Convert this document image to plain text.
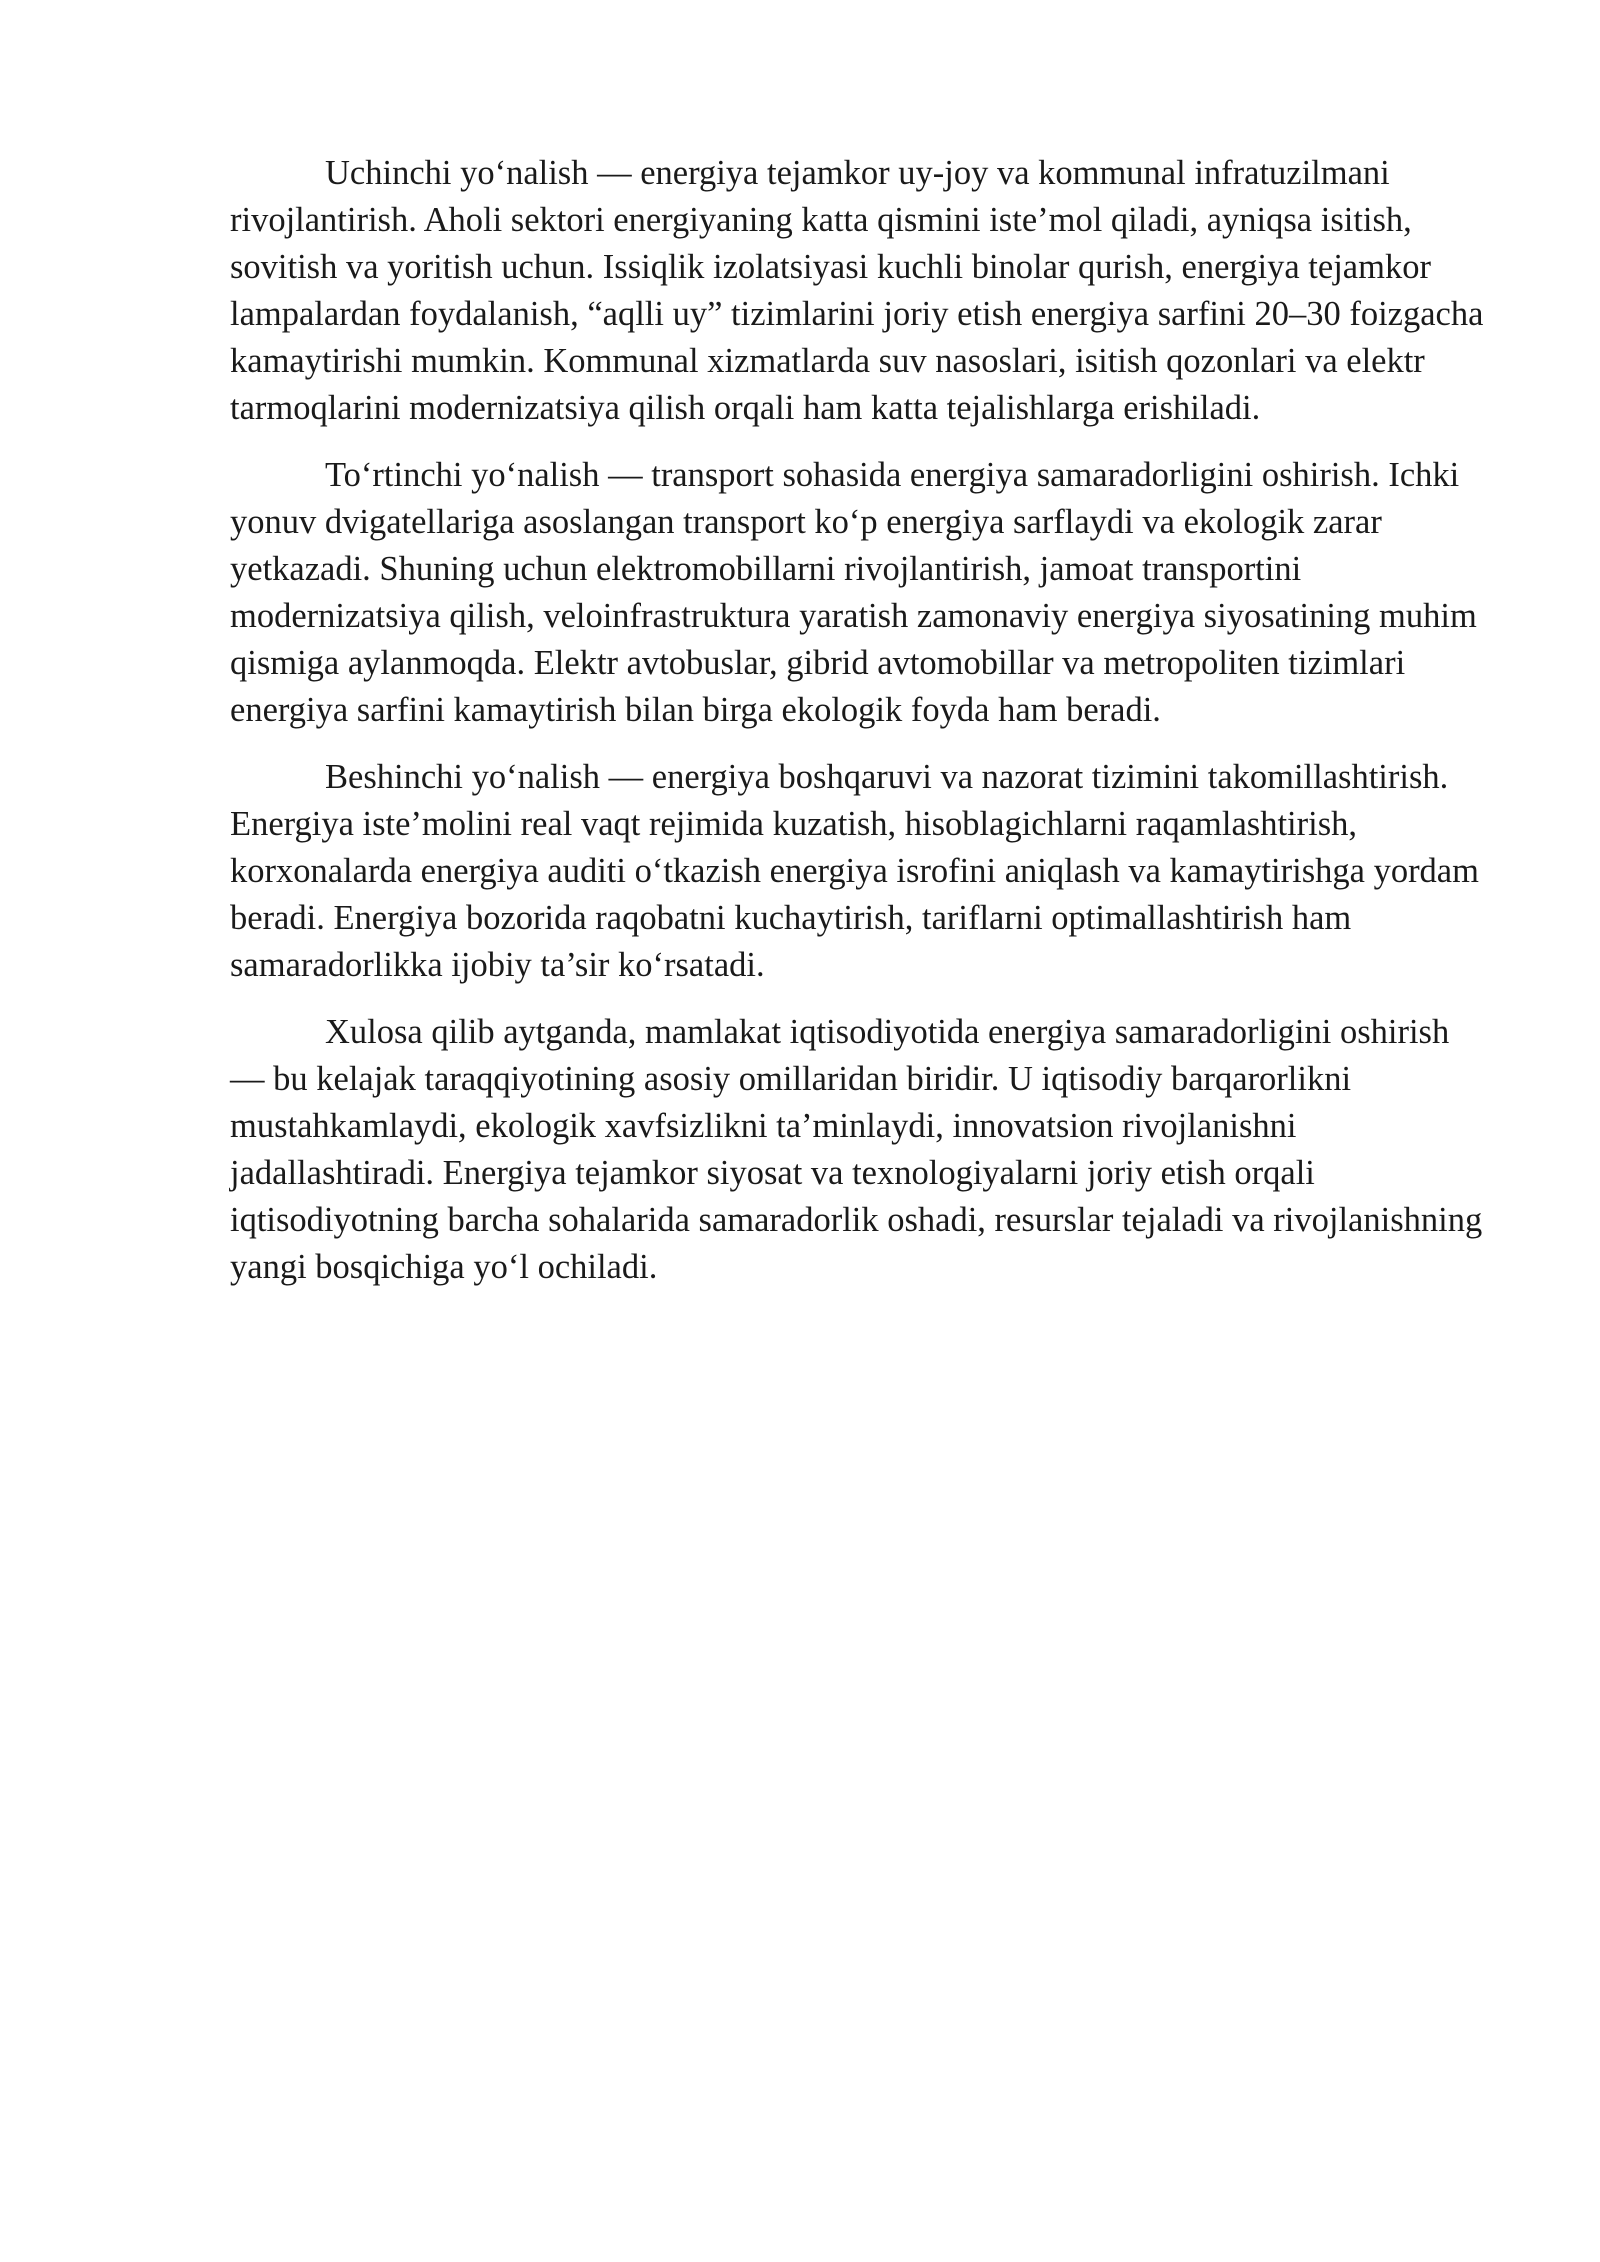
Uchinchi yo‘nalish — energiya tejamkor uy-joy va kommunal infratuzilmani rivojlantirish. Aholi sektori energiyaning katta qismini iste’mol qiladi, ayniqsa isitish, sovitish va yoritish uchun. Issiqlik izolatsiyasi kuchli binolar qurish, energiya tejamkor lampalardan foydalanish, “aqlli uy” tizimlarini joriy etish energiya sarfini 20–30 foizgacha kamaytirishi mumkin. Kommunal xizmatlarda suv nasoslari, isitish qozonlari va elektr tarmoqlarini modernizatsiya qilish orqali ham katta tejalishlarga erishiladi.

To‘rtinchi yo‘nalish — transport sohasida energiya samaradorligini oshirish. Ichki yonuv dvigatellariga asoslangan transport ko‘p energiya sarflaydi va ekologik zarar yetkazadi. Shuning uchun elektromobillarni rivojlantirish, jamoat transportini modernizatsiya qilish, veloinfrastruktura yaratish zamonaviy energiya siyosatining muhim qismiga aylanmoqda. Elektr avtobuslar, gibrid avtomobillar va metropoliten tizimlari energiya sarfini kamaytirish bilan birga ekologik foyda ham beradi.

Beshinchi yo‘nalish — energiya boshqaruvi va nazorat tizimini takomillashtirish. Energiya iste’molini real vaqt rejimida kuzatish, hisoblagichlarni raqamlashtirish, korxonalarda energiya auditi o‘tkazish energiya isrofini aniqlash va kamaytirishga yordam beradi. Energiya bozorida raqobatni kuchaytirish, tariflarni optimallashtirish ham samaradorlikka ijobiy ta’sir ko‘rsatadi.

Xulosa qilib aytganda, mamlakat iqtisodiyotida energiya samaradorligini oshirish — bu kelajak taraqqiyotining asosiy omillaridan biridir. U iqtisodiy barqarorlikni mustahkamlaydi, ekologik xavfsizlikni ta’minlaydi, innovatsion rivojlanishni jadallashtiradi. Energiya tejamkor siyosat va texnologiyalarni joriy etish orqali iqtisodiyotning barcha sohalarida samaradorlik oshadi, resurslar tejaladi va rivojlanishning yangi bosqichiga yo‘l ochiladi.
